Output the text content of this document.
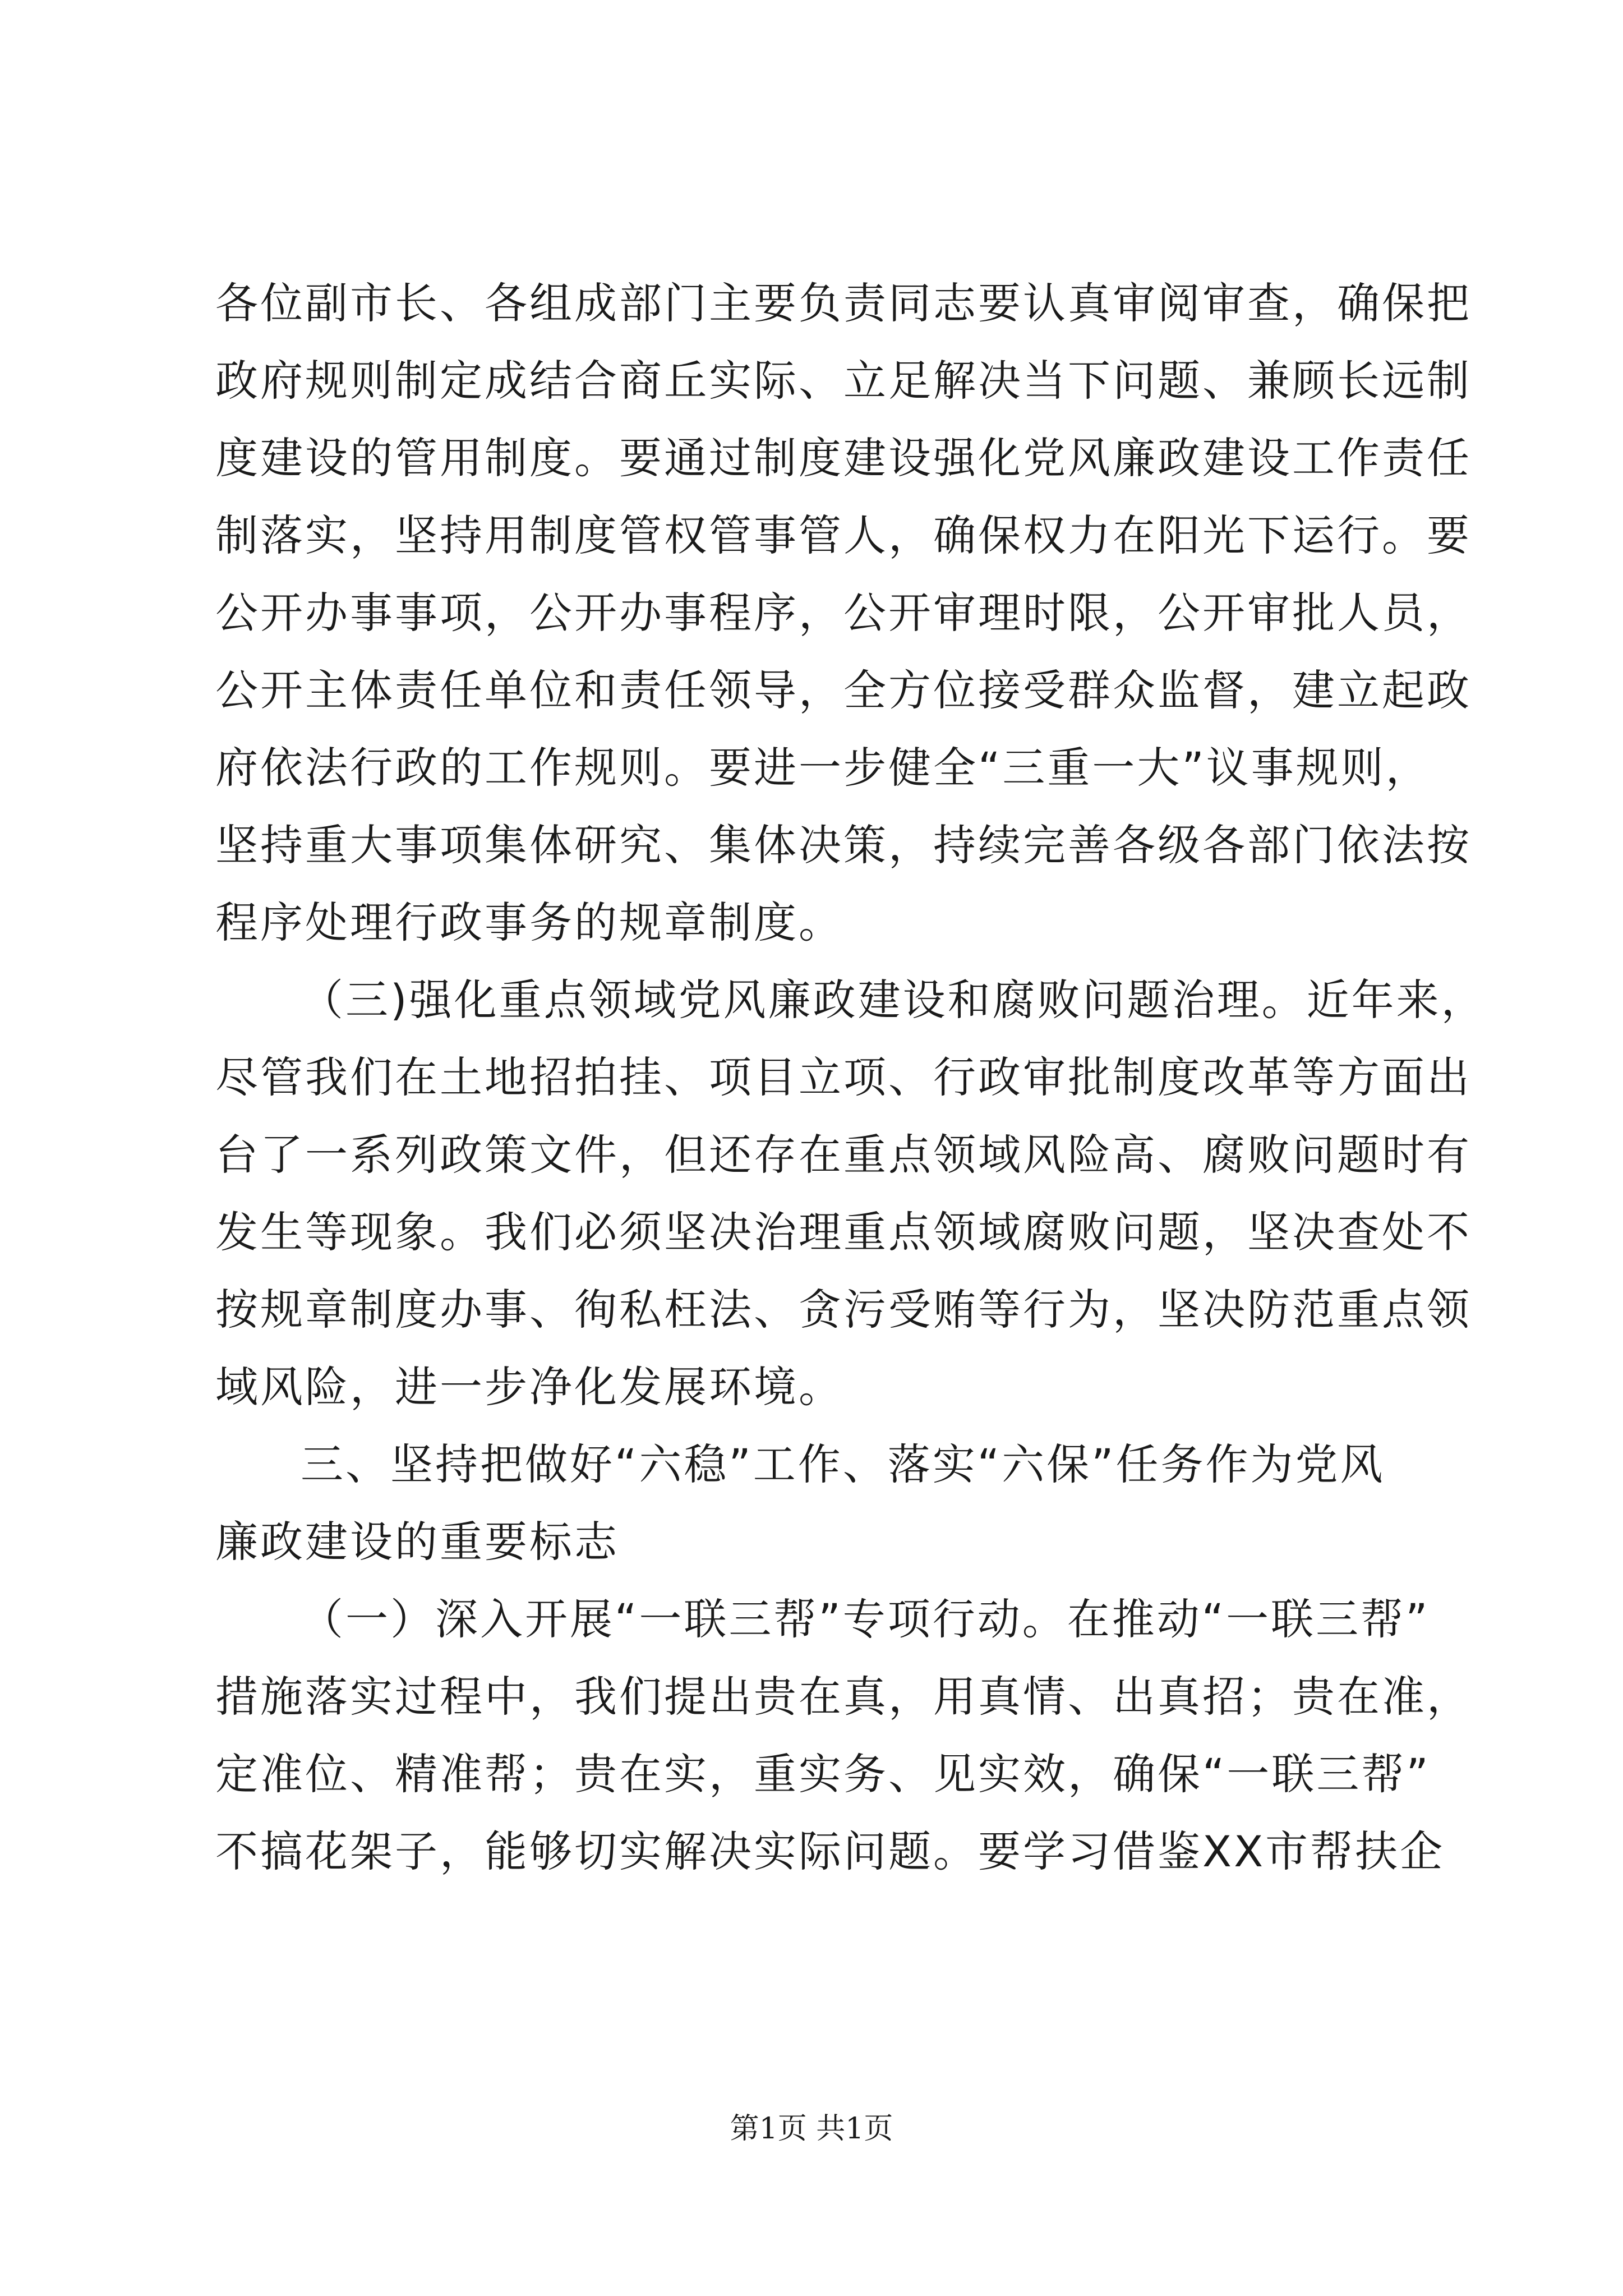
各位副市长、各组成部门主要负责同志要认真审阅审查，确保把
政府规则制定成结合商丘实际、立足解决当下问题、兼顾长远制
度建设的管用制度。要通过制度建设强化党风廉政建设工作责任
制落实，坚持用制度管权管事管人，确保权力在阳光下运行。要
公开办事事项，公开办事程序，公开审理时限，公开审批人员，
公开主体责任单位和责任领导，全方位接受群众监督，建立起政
府依法行政的工作规则。要进一步健全“三重一大”议事规则，
坚持重大事项集体研究、集体决策，持续完善各级各部门依法按
程序处理行政事务的规章制度。
（三)强化重点领域党风廉政建设和腐败问题治理。近年来，
尽管我们在土地招拍挂、项目立项、行政审批制度改革等方面出
台了一系列政策文件，但还存在重点领域风险高、腐败问题时有
发生等现象。我们必须坚决治理重点领域腐败问题，坚决查处不
按规章制度办事、徇私枉法、贪污受贿等行为，坚决防范重点领
域风险，进一步净化发展环境。
三、坚持把做好“六稳”工作、落实“六保”任务作为党风
廉政建设的重要标志
（一）深入开展“一联三帮”专项行动。在推动“一联三帮”
措施落实过程中，我们提出贵在真，用真情、出真招；贵在准，
定准位、精准帮；贵在实，重实务、见实效，确保“一联三帮”
不搞花架子，能够切实解决实际问题。要学习借鉴XX市帮扶企
第1页 共1页
